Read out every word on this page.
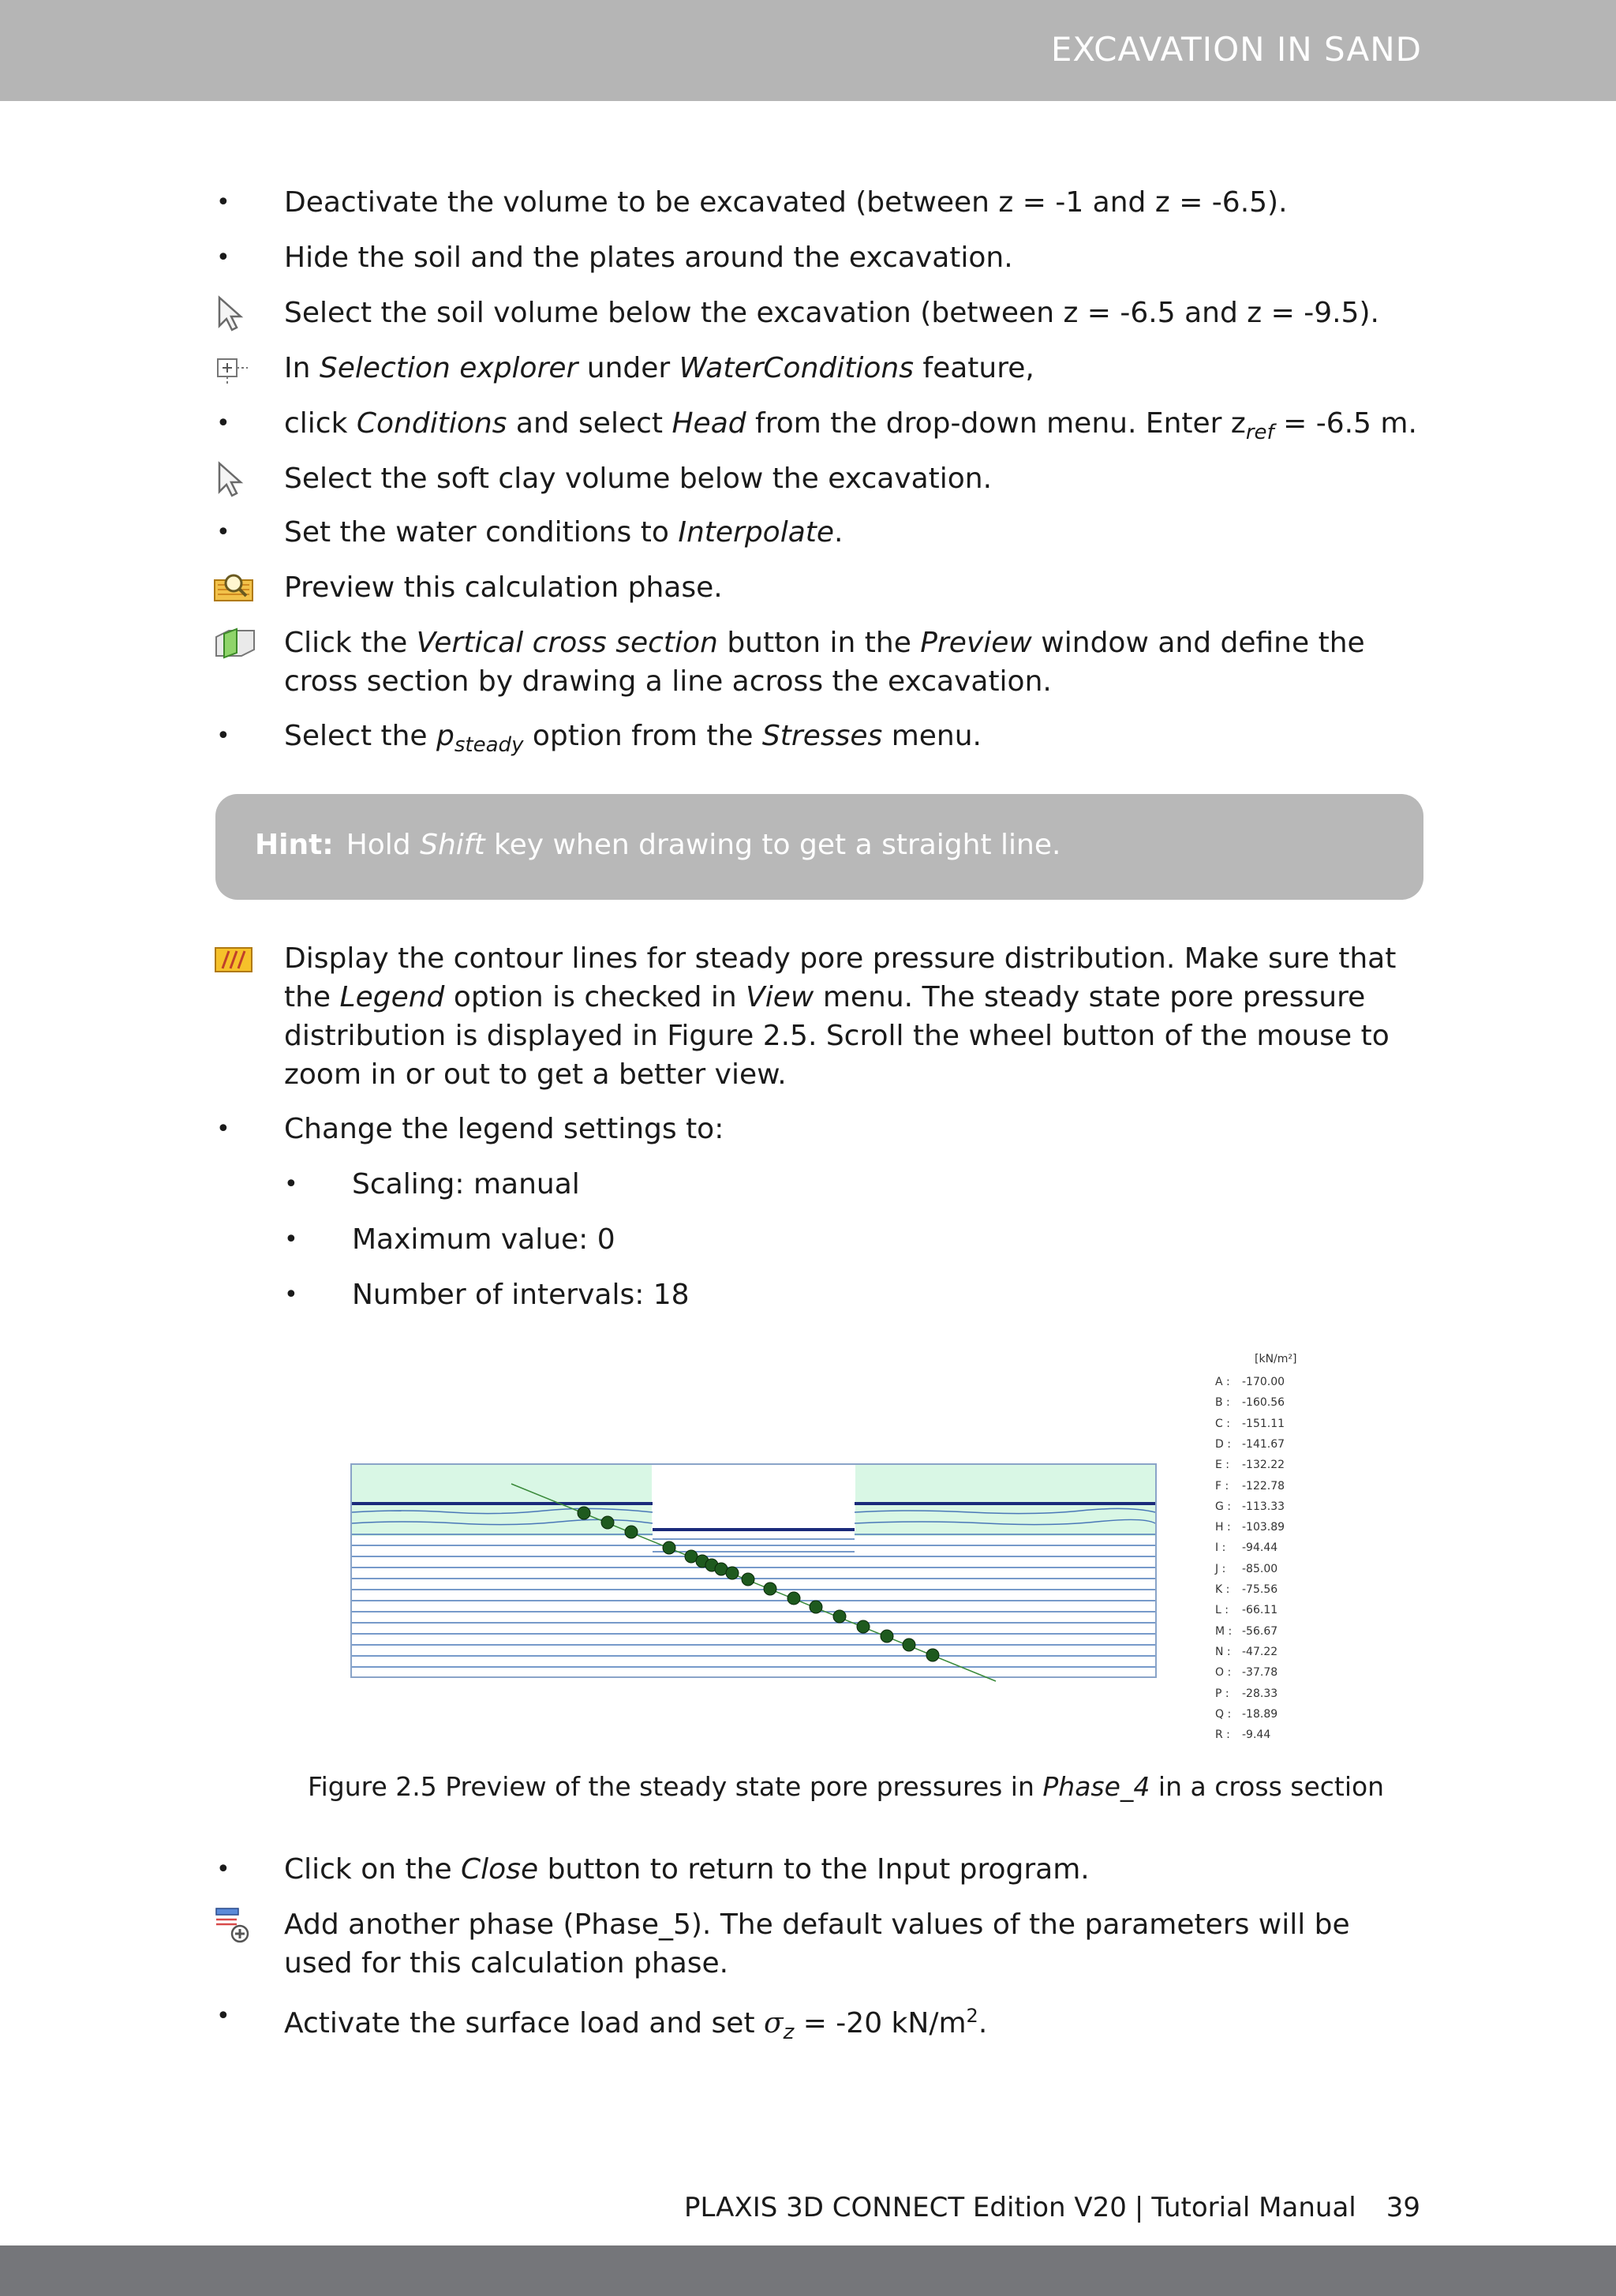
EXCAVATION IN SAND
• Deactivate the volume to be excavated (between z = -1 and z = -6.5).
• Hide the soil and the plates around the excavation.
Select the soil volume below the excavation (between z = -6.5 and z = -9.5).
In Selection explorer under WaterConditions feature,
• click Conditions and select Head from the drop-down menu. Enter $z_{ref} = -6.5$ m.
Select the soft clay volume below the excavation.
• Set the water conditions to Interpolate.
Preview this calculation phase.
Click the Vertical cross section button in the Preview window and define the cross section by drawing a line across the excavation.
• Select the $p_{steady}$ option from the Stresses menu.
Hint: Hold Shift key when drawing to get a straight line.
Display the contour lines for steady pore pressure distribution. Make sure that the Legend option is checked in View menu. The steady state pore pressure distribution is displayed in Figure 2.5. Scroll the wheel button of the mouse to zoom in or out to get a better view.
• Change the legend settings to:
• Scaling: manual
• Maximum value: 0
• Number of intervals: 18
[kN/m²]
A : -170.00
B : -160.56
C : -151.11
D : -141.67
E : -132.22
F : -122.78
G : -113.33
H : -103.89
I : -94.44
J : -85.00
K : -75.56
L : -66.11
M : -56.67
N : -47.22
O : -37.78
P : -28.33
Q : -18.89
R : -9.44
Figure 2.5 Preview of the steady state pore pressures in Phase_4 in a cross section
• Click on the Close button to return to the Input program.
Add another phase (Phase_5). The default values of the parameters will be used for this calculation phase.
• Activate the surface load and set $\sigma_z = -20$ $kN/m^2$.
PLAXIS 3D CONNECT Edition V20 | Tutorial Manual 39
